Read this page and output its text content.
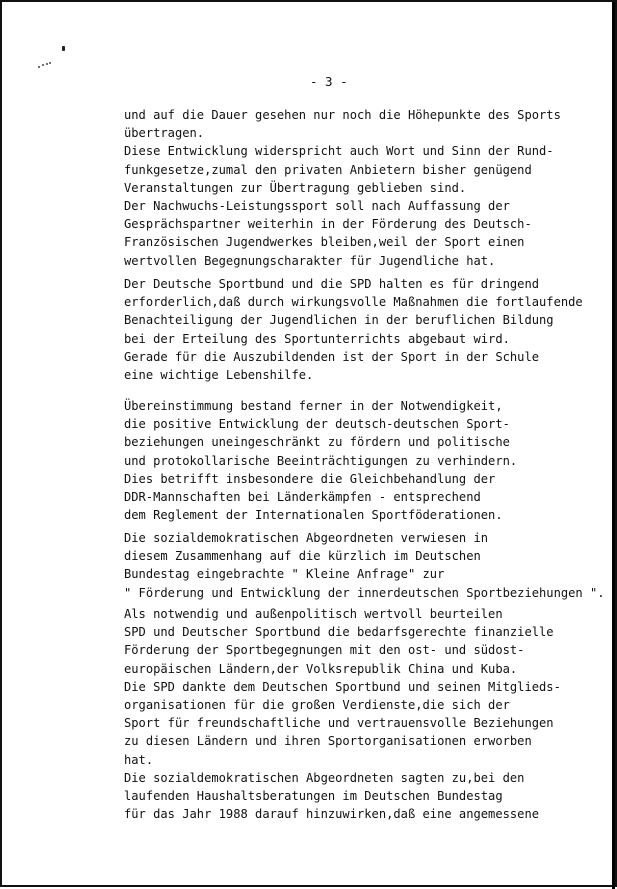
- 3 -
und auf die Dauer gesehen nur noch die Höhepunkte des Sports
übertragen.
Diese Entwicklung widerspricht auch Wort und Sinn der Rund-
funkgesetze,zumal den privaten Anbietern bisher genügend
Veranstaltungen zur Übertragung geblieben sind.
Der Nachwuchs-Leistungssport soll nach Auffassung der
Gesprächspartner weiterhin in der Förderung des Deutsch-
Französischen Jugendwerkes bleiben,weil der Sport einen
wertvollen Begegnungscharakter für Jugendliche hat.
Der Deutsche Sportbund und die SPD halten es für dringend
erforderlich,daß durch wirkungsvolle Maßnahmen die fortlaufende
Benachteiligung der Jugendlichen in der beruflichen Bildung
bei der Erteilung des Sportunterrichts abgebaut wird.
Gerade für die Auszubildenden ist der Sport in der Schule
eine wichtige Lebenshilfe.
Übereinstimmung bestand ferner in der Notwendigkeit,
die positive Entwicklung der deutsch-deutschen Sport-
beziehungen uneingeschränkt zu fördern und politische
und protokollarische Beeinträchtigungen zu verhindern.
Dies betrifft insbesondere die Gleichbehandlung der
DDR-Mannschaften bei Länderkämpfen - entsprechend
dem Reglement der Internationalen Sportföderationen.
Die sozialdemokratischen Abgeordneten verwiesen in
diesem Zusammenhang auf die kürzlich im Deutschen
Bundestag eingebrachte " Kleine Anfrage" zur
" Förderung und Entwicklung der innerdeutschen Sportbeziehungen ".
Als notwendig und außenpolitisch wertvoll beurteilen
SPD und Deutscher Sportbund die bedarfsgerechte finanzielle
Förderung der Sportbegegnungen mit den ost- und südost-
europäischen Ländern,der Volksrepublik China und Kuba.
Die SPD dankte dem Deutschen Sportbund und seinen Mitglieds-
organisationen für die großen Verdienste,die sich der
Sport für freundschaftliche und vertrauensvolle Beziehungen
zu diesen Ländern und ihren Sportorganisationen erworben
hat.
Die sozialdemokratischen Abgeordneten sagten zu,bei den
laufenden Haushaltsberatungen im Deutschen Bundestag
für das Jahr 1988 darauf hinzuwirken,daß eine angemessene
